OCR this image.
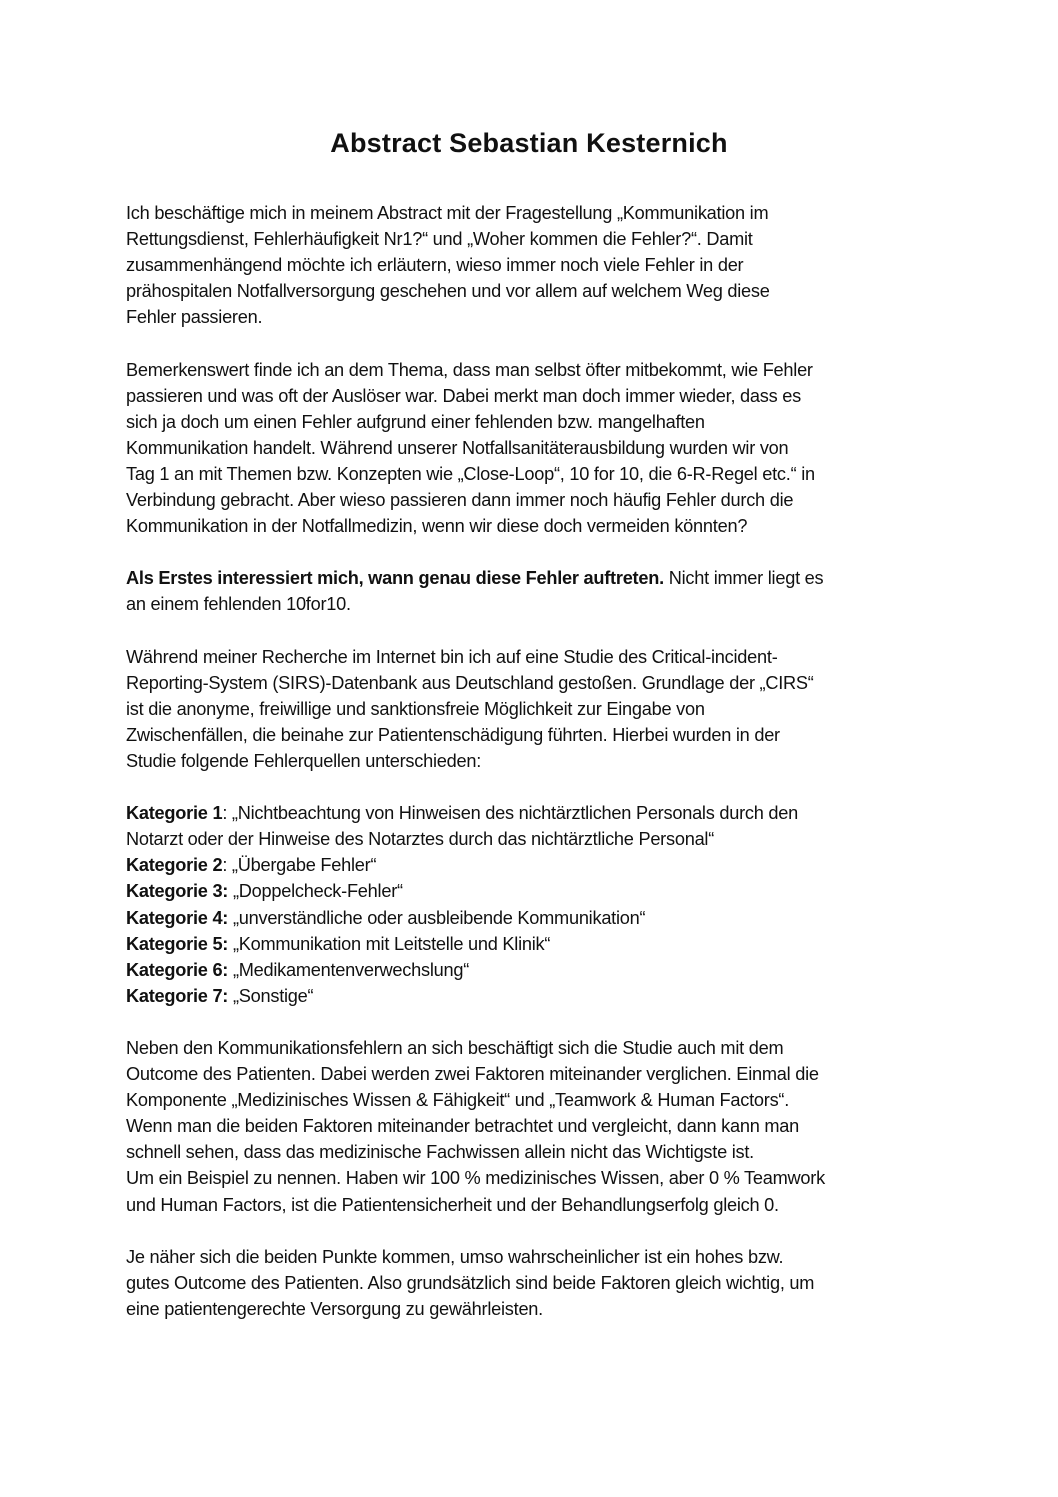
Abstract Sebastian Kesternich

Ich beschäftige mich in meinem Abstract mit der Fragestellung „Kommunikation im
Rettungsdienst, Fehlerhäufigkeit Nr1?“ und „Woher kommen die Fehler?“. Damit
zusammenhängend möchte ich erläutern, wieso immer noch viele Fehler in der
prähospitalen Notfallversorgung geschehen und vor allem auf welchem Weg diese
Fehler passieren.

Bemerkenswert finde ich an dem Thema, dass man selbst öfter mitbekommt, wie Fehler
passieren und was oft der Auslöser war. Dabei merkt man doch immer wieder, dass es
sich ja doch um einen Fehler aufgrund einer fehlenden bzw. mangelhaften
Kommunikation handelt. Während unserer Notfallsanitäterausbildung wurden wir von
Tag 1 an mit Themen bzw. Konzepten wie „Close-Loop“, 10 for 10, die 6-R-Regel etc.“ in
Verbindung gebracht. Aber wieso passieren dann immer noch häufig Fehler durch die
Kommunikation in der Notfallmedizin, wenn wir diese doch vermeiden könnten?

Als Erstes interessiert mich, wann genau diese Fehler auftreten. Nicht immer liegt es
an einem fehlenden 10for10.

Während meiner Recherche im Internet bin ich auf eine Studie des Critical-incident-
Reporting-System (SIRS)-Datenbank aus Deutschland gestoßen. Grundlage der „CIRS“
ist die anonyme, freiwillige und sanktionsfreie Möglichkeit zur Eingabe von
Zwischenfällen, die beinahe zur Patientenschädigung führten. Hierbei wurden in der
Studie folgende Fehlerquellen unterschieden:

Kategorie 1: „Nichtbeachtung von Hinweisen des nichtärztlichen Personals durch den
Notarzt oder der Hinweise des Notarztes durch das nichtärztliche Personal“
Kategorie 2: „Übergabe Fehler“
Kategorie 3: „Doppelcheck-Fehler“
Kategorie 4: „unverständliche oder ausbleibende Kommunikation“
Kategorie 5: „Kommunikation mit Leitstelle und Klinik“
Kategorie 6: „Medikamentenverwechslung“
Kategorie 7: „Sonstige“

Neben den Kommunikationsfehlern an sich beschäftigt sich die Studie auch mit dem
Outcome des Patienten. Dabei werden zwei Faktoren miteinander verglichen. Einmal die
Komponente „Medizinisches Wissen & Fähigkeit“ und „Teamwork & Human Factors“.
Wenn man die beiden Faktoren miteinander betrachtet und vergleicht, dann kann man
schnell sehen, dass das medizinische Fachwissen allein nicht das Wichtigste ist.
Um ein Beispiel zu nennen. Haben wir 100 % medizinisches Wissen, aber 0 % Teamwork
und Human Factors, ist die Patientensicherheit und der Behandlungserfolg gleich 0.

Je näher sich die beiden Punkte kommen, umso wahrscheinlicher ist ein hohes bzw.
gutes Outcome des Patienten. Also grundsätzlich sind beide Faktoren gleich wichtig, um
eine patientengerechte Versorgung zu gewährleisten.
